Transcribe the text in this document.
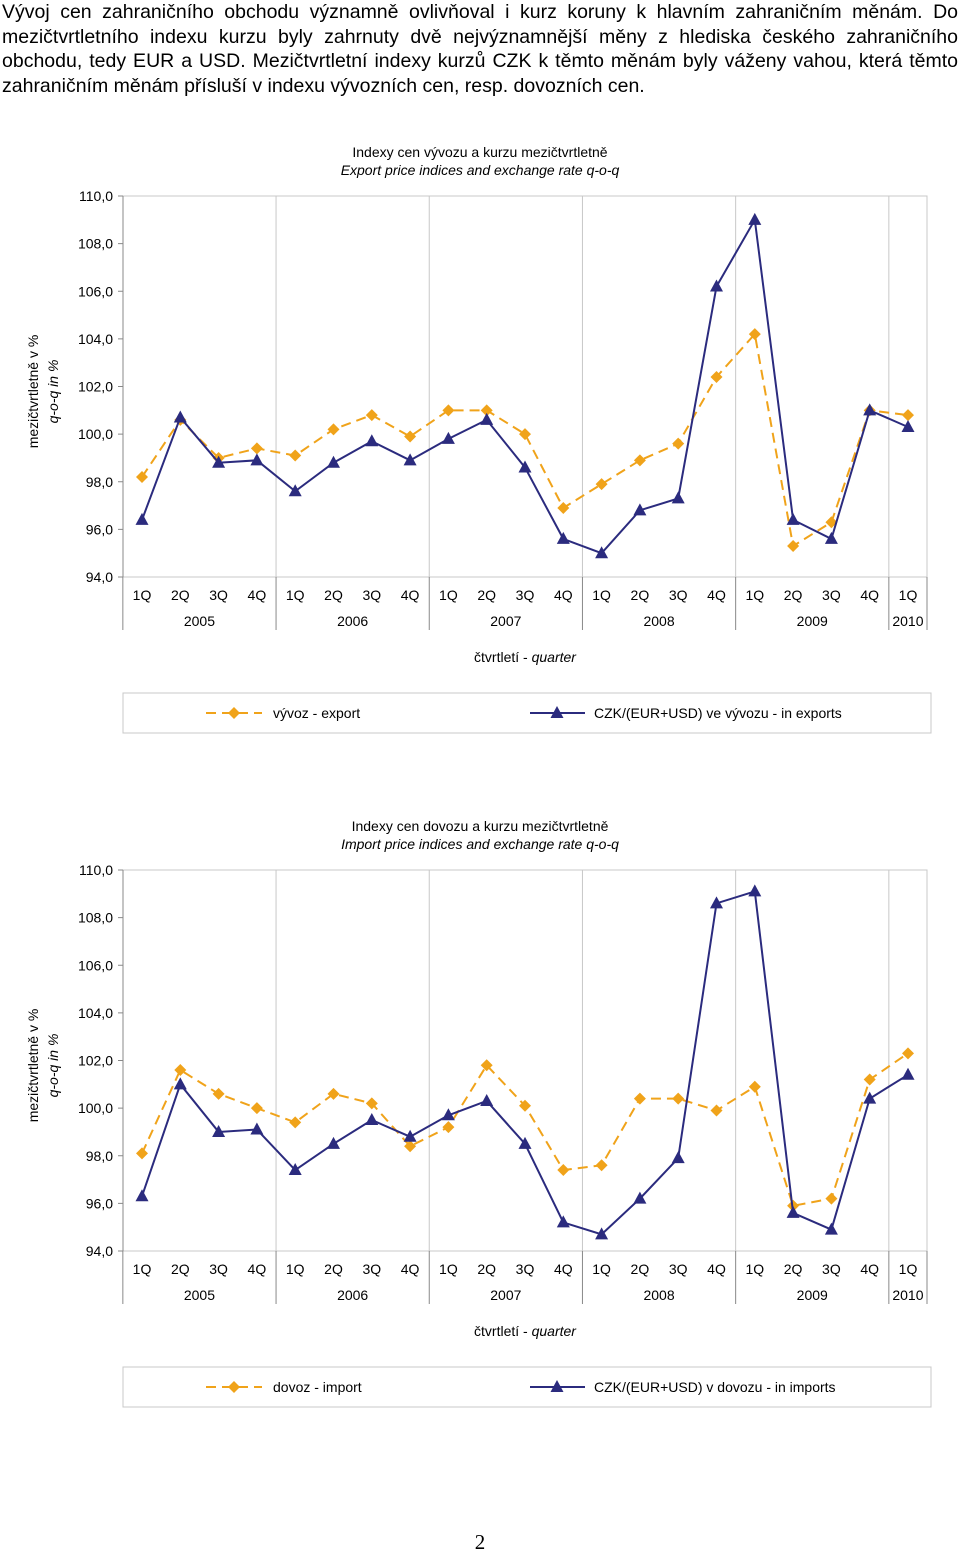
Vývoj cen zahraničního obchodu významně ovlivňoval i kurz koruny k hlavním zahraničním měnám. Do mezičtvrtletního indexu kurzu byly zahrnuty dvě nejvýznamnější měny z hlediska českého zahraničního obchodu, tedy EUR a USD. Mezičtvrtletní indexy kurzů CZK k těmto měnám byly váženy vahou, která těmto zahraničním měnám přísluší v indexu vývozních cen, resp. dovozních cen.

Indexy cen vývozu a kurzu mezičtvrtletně
Export price indices and exchange rate q-o-q
mezičtvrtletně v % q-o-q in %
94,0
96,0
98,0
100,0
102,0
104,0
106,0
108,0
110,0
1Q 2Q 3Q 4Q 1Q 2Q 3Q 4Q 1Q 2Q 3Q 4Q 1Q 2Q 3Q 4Q 1Q 2Q 3Q 4Q 1Q
2005	2006	2007	2008	2009	2010
čtvrtletí - quarter
vývoz - export	CZK/(EUR+USD) ve vývozu - in exports
Indexy cen dovozu a kurzu mezičtvrtletně
Import price indices and exchange rate q-o-q
mezičtvrtletně v % q-o-q in %
94,0
96,0
98,0
100,0
102,0
104,0
106,0
108,0
110,0
1Q 2Q 3Q 4Q 1Q 2Q 3Q 4Q 1Q 2Q 3Q 4Q 1Q 2Q 3Q 4Q 1Q 2Q 3Q 4Q 1Q
2005	2006	2007	2008	2009	2010
čtvrtletí - quarter
dovoz - import	CZK/(EUR+USD) v dovozu - in imports
2
